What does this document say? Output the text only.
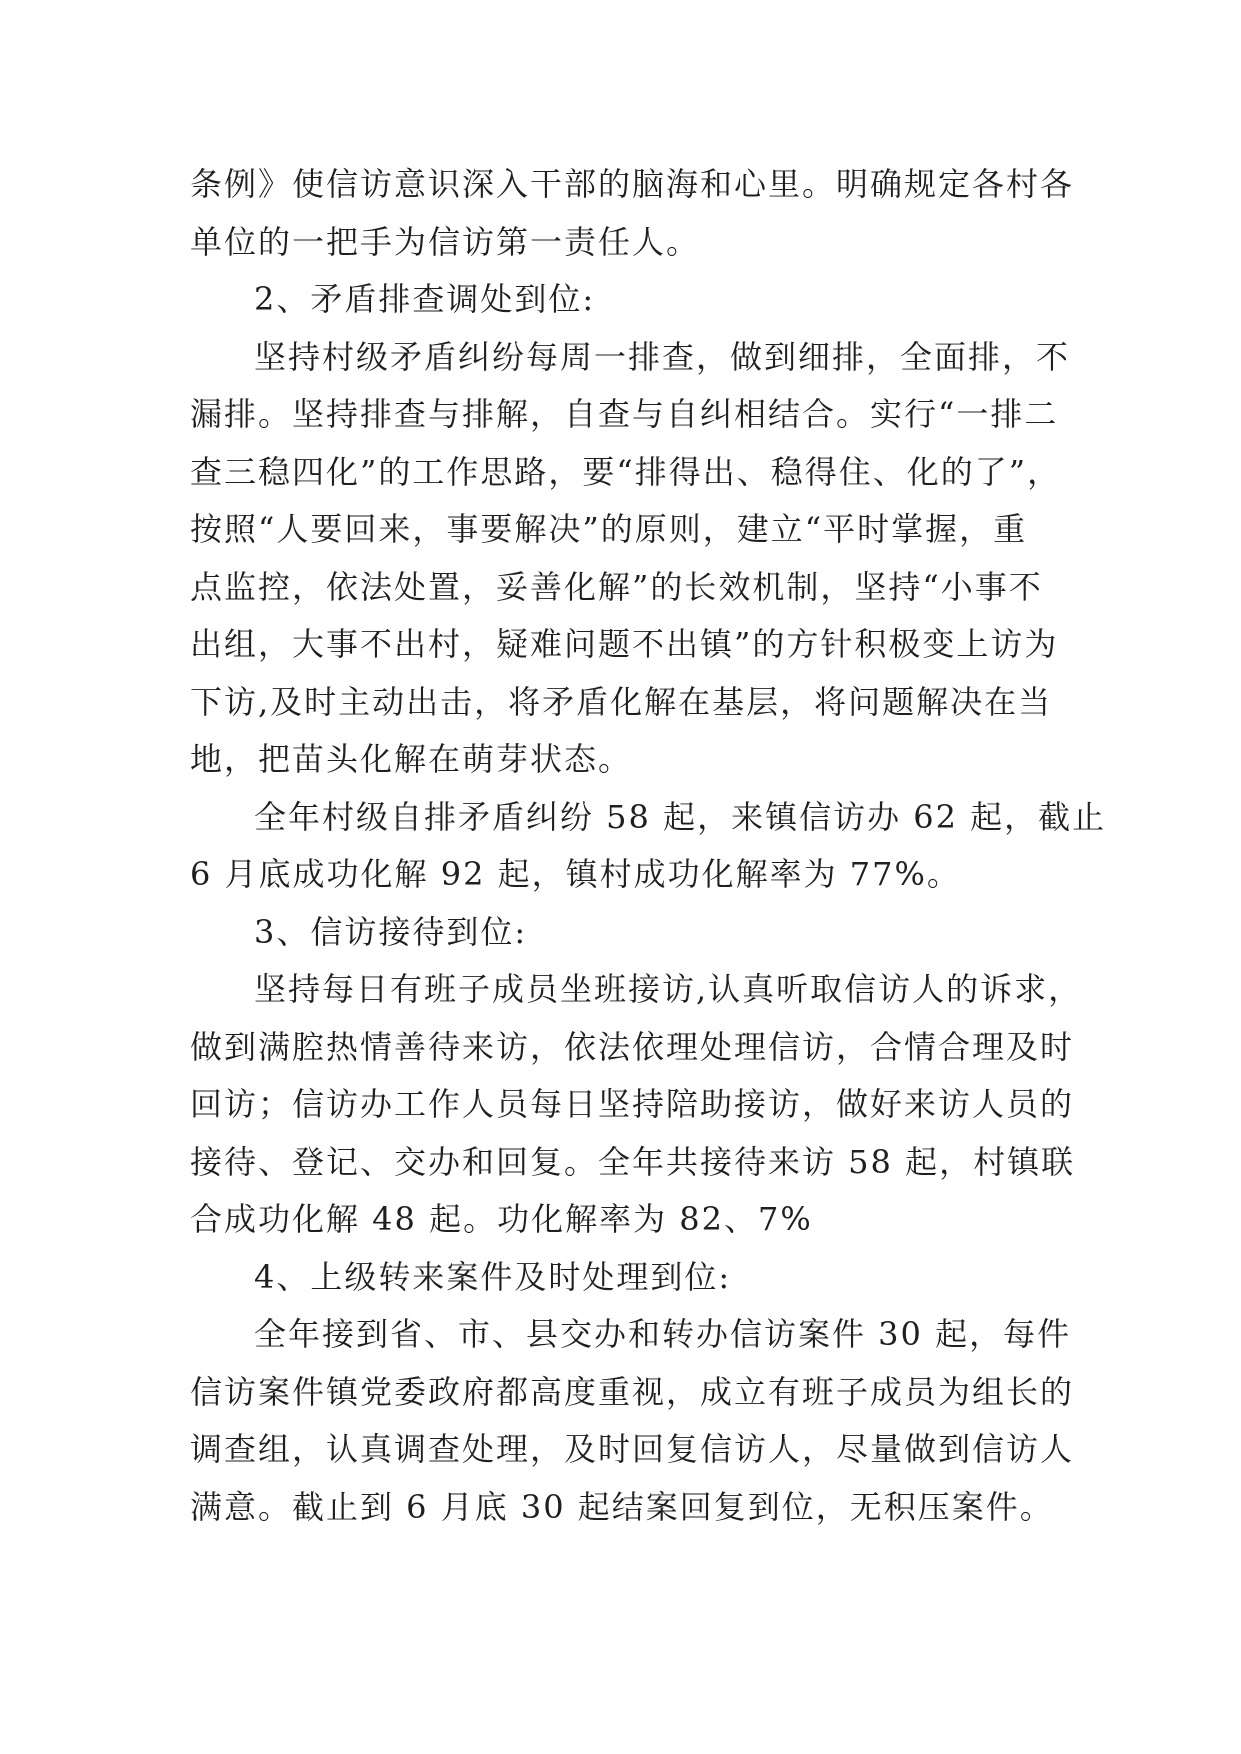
条例》使信访意识深入干部的脑海和心里。明确规定各村各
单位的一把手为信访第一责任人。
2、矛盾排查调处到位:
坚持村级矛盾纠纷每周一排查，做到细排，全面排，不
漏排。坚持排查与排解，自查与自纠相结合。实行“一排二
查三稳四化”的工作思路，要“排得出、稳得住、化的了”，
按照“人要回来，事要解决”的原则，建立“平时掌握，重
点监控，依法处置，妥善化解”的长效机制，坚持“小事不
出组，大事不出村，疑难问题不出镇”的方针积极变上访为
下访,及时主动出击，将矛盾化解在基层，将问题解决在当
地，把苗头化解在萌芽状态。
全年村级自排矛盾纠纷 58 起，来镇信访办 62 起，截止
6 月底成功化解 92 起，镇村成功化解率为 77%。
3、信访接待到位:
坚持每日有班子成员坐班接访,认真听取信访人的诉求，
做到满腔热情善待来访，依法依理处理信访，合情合理及时
回访；信访办工作人员每日坚持陪助接访，做好来访人员的
接待、登记、交办和回复。全年共接待来访 58 起，村镇联
合成功化解 48 起。功化解率为 82、7%
4、上级转来案件及时处理到位:
全年接到省、市、县交办和转办信访案件 30 起，每件
信访案件镇党委政府都高度重视，成立有班子成员为组长的
调查组，认真调查处理，及时回复信访人，尽量做到信访人
满意。截止到 6 月底 30 起结案回复到位，无积压案件。
